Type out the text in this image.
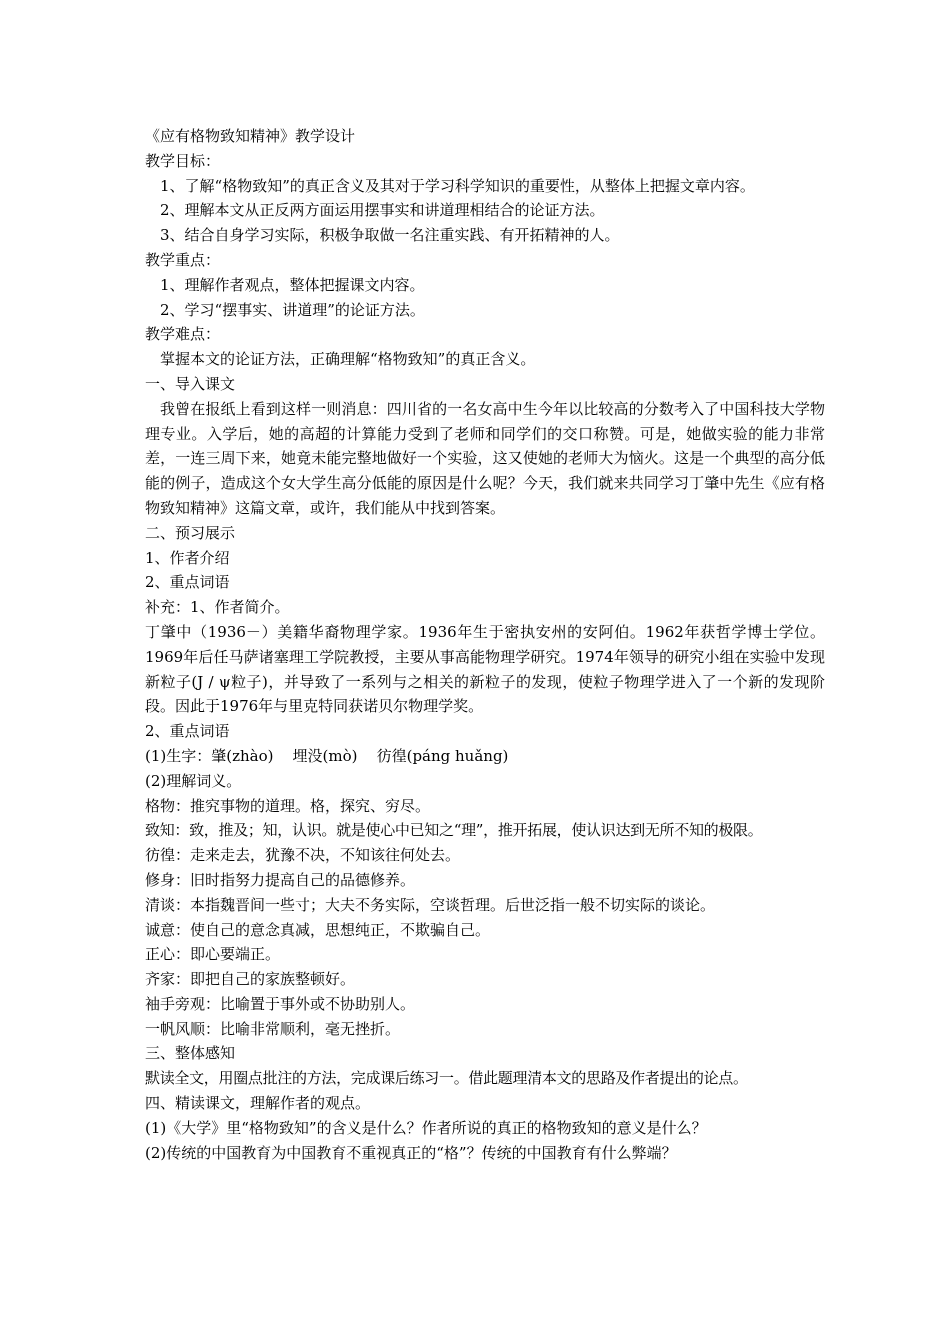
《应有格物致知精神》教学设计
教学目标：
1、了解“格物致知”的真正含义及其对于学习科学知识的重要性，从整体上把握文章内容。
2、理解本文从正反两方面运用摆事实和讲道理相结合的论证方法。
3、结合自身学习实际，积极争取做一名注重实践、有开拓精神的人。
教学重点：
1、理解作者观点，整体把握课文内容。
2、学习“摆事实、讲道理”的论证方法。
教学难点：
掌握本文的论证方法，正确理解“格物致知”的真正含义。
一、导入课文
我曾在报纸上看到这样一则消息：四川省的一名女高中生今年以比较高的分数考入了中国科技大学物理专业。入学后，她的高超的计算能力受到了老师和同学们的交口称赞。可是，她做实验的能力非常差，一连三周下来，她竟未能完整地做好一个实验，这又使她的老师大为恼火。这是一个典型的高分低能的例子，造成这个女大学生高分低能的原因是什么呢？今天，我们就来共同学习丁肇中先生《应有格物致知精神》这篇文章，或许，我们能从中找到答案。
二、预习展示
1、作者介绍
2、重点词语
补充：1、作者简介。
丁肇中（1936－）美籍华裔物理学家。1936年生于密执安州的安阿伯。1962年获哲学博士学位。1969年后任马萨诸塞理工学院教授，主要从事高能物理学研究。1974年领导的研究小组在实验中发现新粒子(J / ψ粒子)，并导致了一系列与之相关的新粒子的发现，使粒子物理学进入了一个新的发现阶段。因此于1976年与里克特同获诺贝尔物理学奖。
2、重点词语
(1)生字：肇(zhào)    埋没(mò)    彷徨(páng huǎng)
(2)理解词义。
格物：推究事物的道理。格，探究、穷尽。
致知：致，推及；知，认识。就是使心中已知之“理”，推开拓展，使认识达到无所不知的极限。
彷徨：走来走去，犹豫不决，不知该往何处去。
修身：旧时指努力提高自己的品德修养。
清谈：本指魏晋间一些寸；大夫不务实际，空谈哲理。后世泛指一般不切实际的谈论。
诚意：使自己的意念真减，思想纯正，不欺骗自己。
正心：即心要端正。
齐家：即把自己的家族整顿好。
袖手旁观：比喻置于事外或不协助别人。
一帆风顺：比喻非常顺利，毫无挫折。
三、整体感知
默读全文，用圈点批注的方法，完成课后练习一。借此题理清本文的思路及作者提出的论点。
四、精读课文，理解作者的观点。
(1)《大学》里“格物致知”的含义是什么？作者所说的真正的格物致知的意义是什么？
(2)传统的中国教育为中国教育不重视真正的“格”？传统的中国教育有什么弊端？
